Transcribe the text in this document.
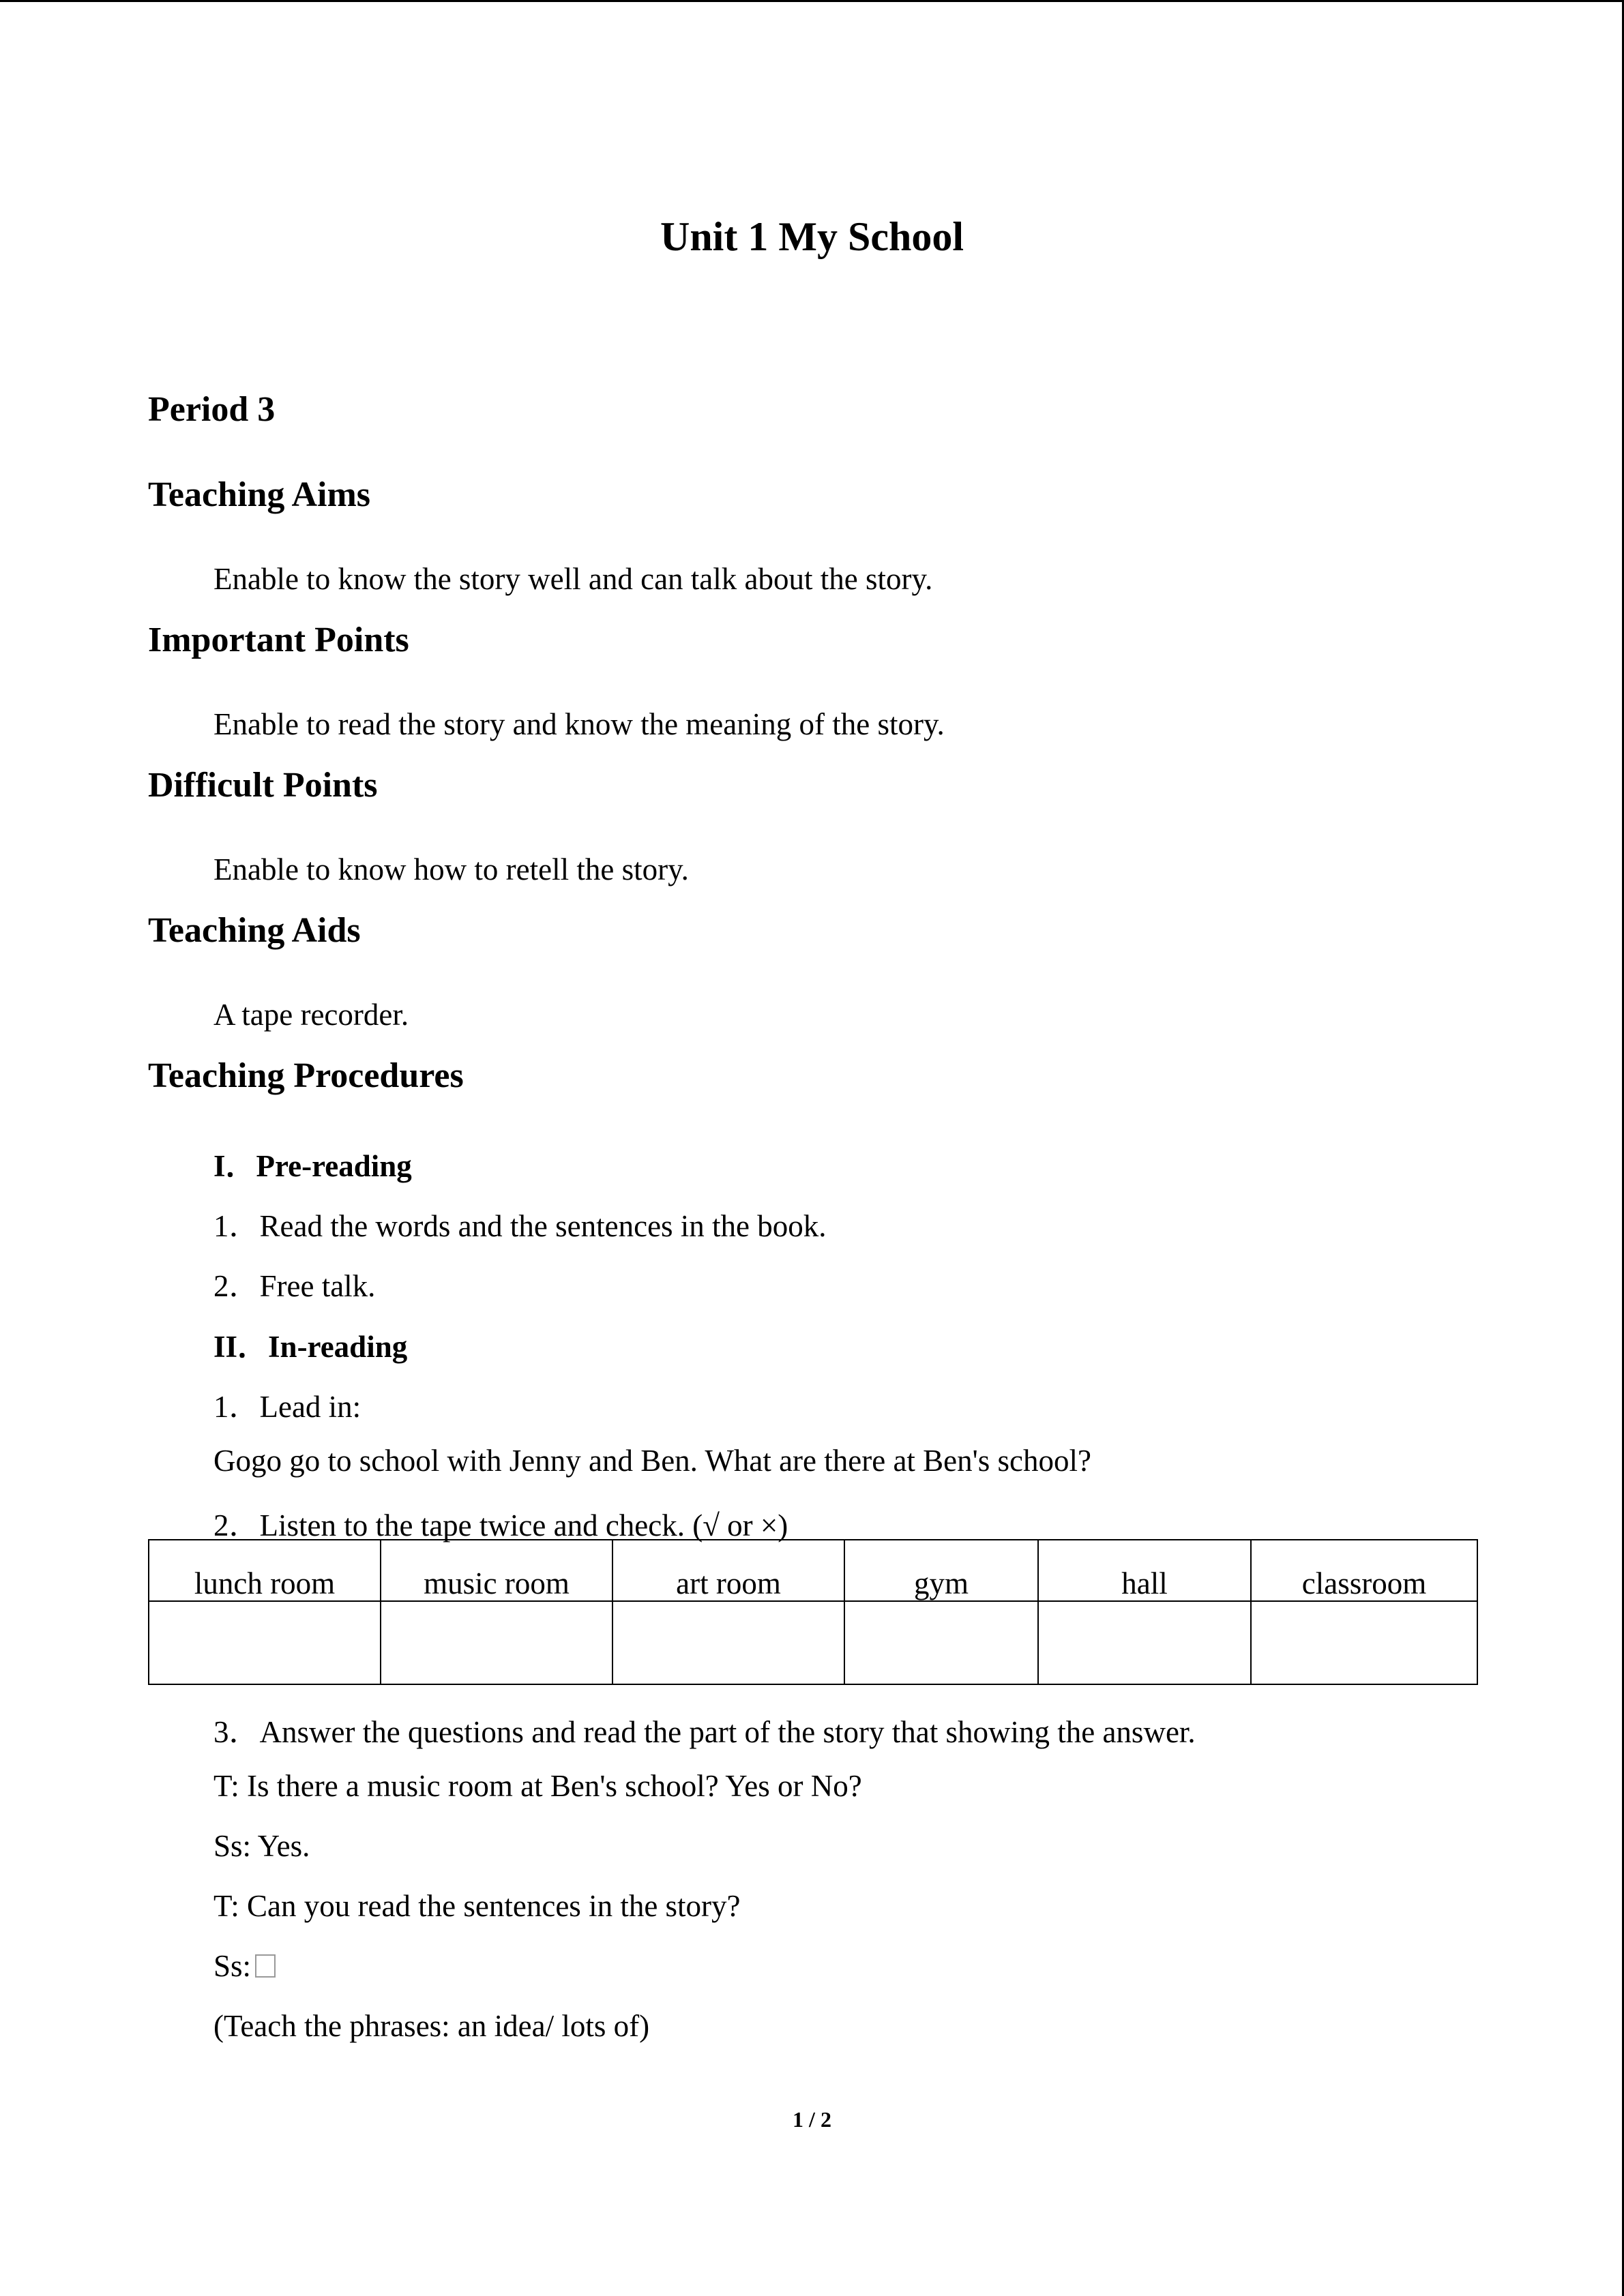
Unit 1 My School
Period 3
Teaching Aims
Enable to know the story well and can talk about the story.
Important Points
Enable to read the story and know the meaning of the story.
Difficult Points
Enable to know how to retell the story.
Teaching Aids
A tape recorder.
Teaching Procedures
I．Pre-reading
1．Read the words and the sentences in the book.
2．Free talk.
II．In-reading
1．Lead in:
Gogo go to school with Jenny and Ben. What are there at Ben's school?
2．Listen to the tape twice and check. (√ or ×)
lunch room	music room	art room	gym	hall	classroom

3．Answer the questions and read the part of the story that showing the answer.
T: Is there a music room at Ben's school? Yes or No?
Ss: Yes.
T: Can you read the sentences in the story?
Ss:
(Teach the phrases: an idea/ lots of)
1 / 2
